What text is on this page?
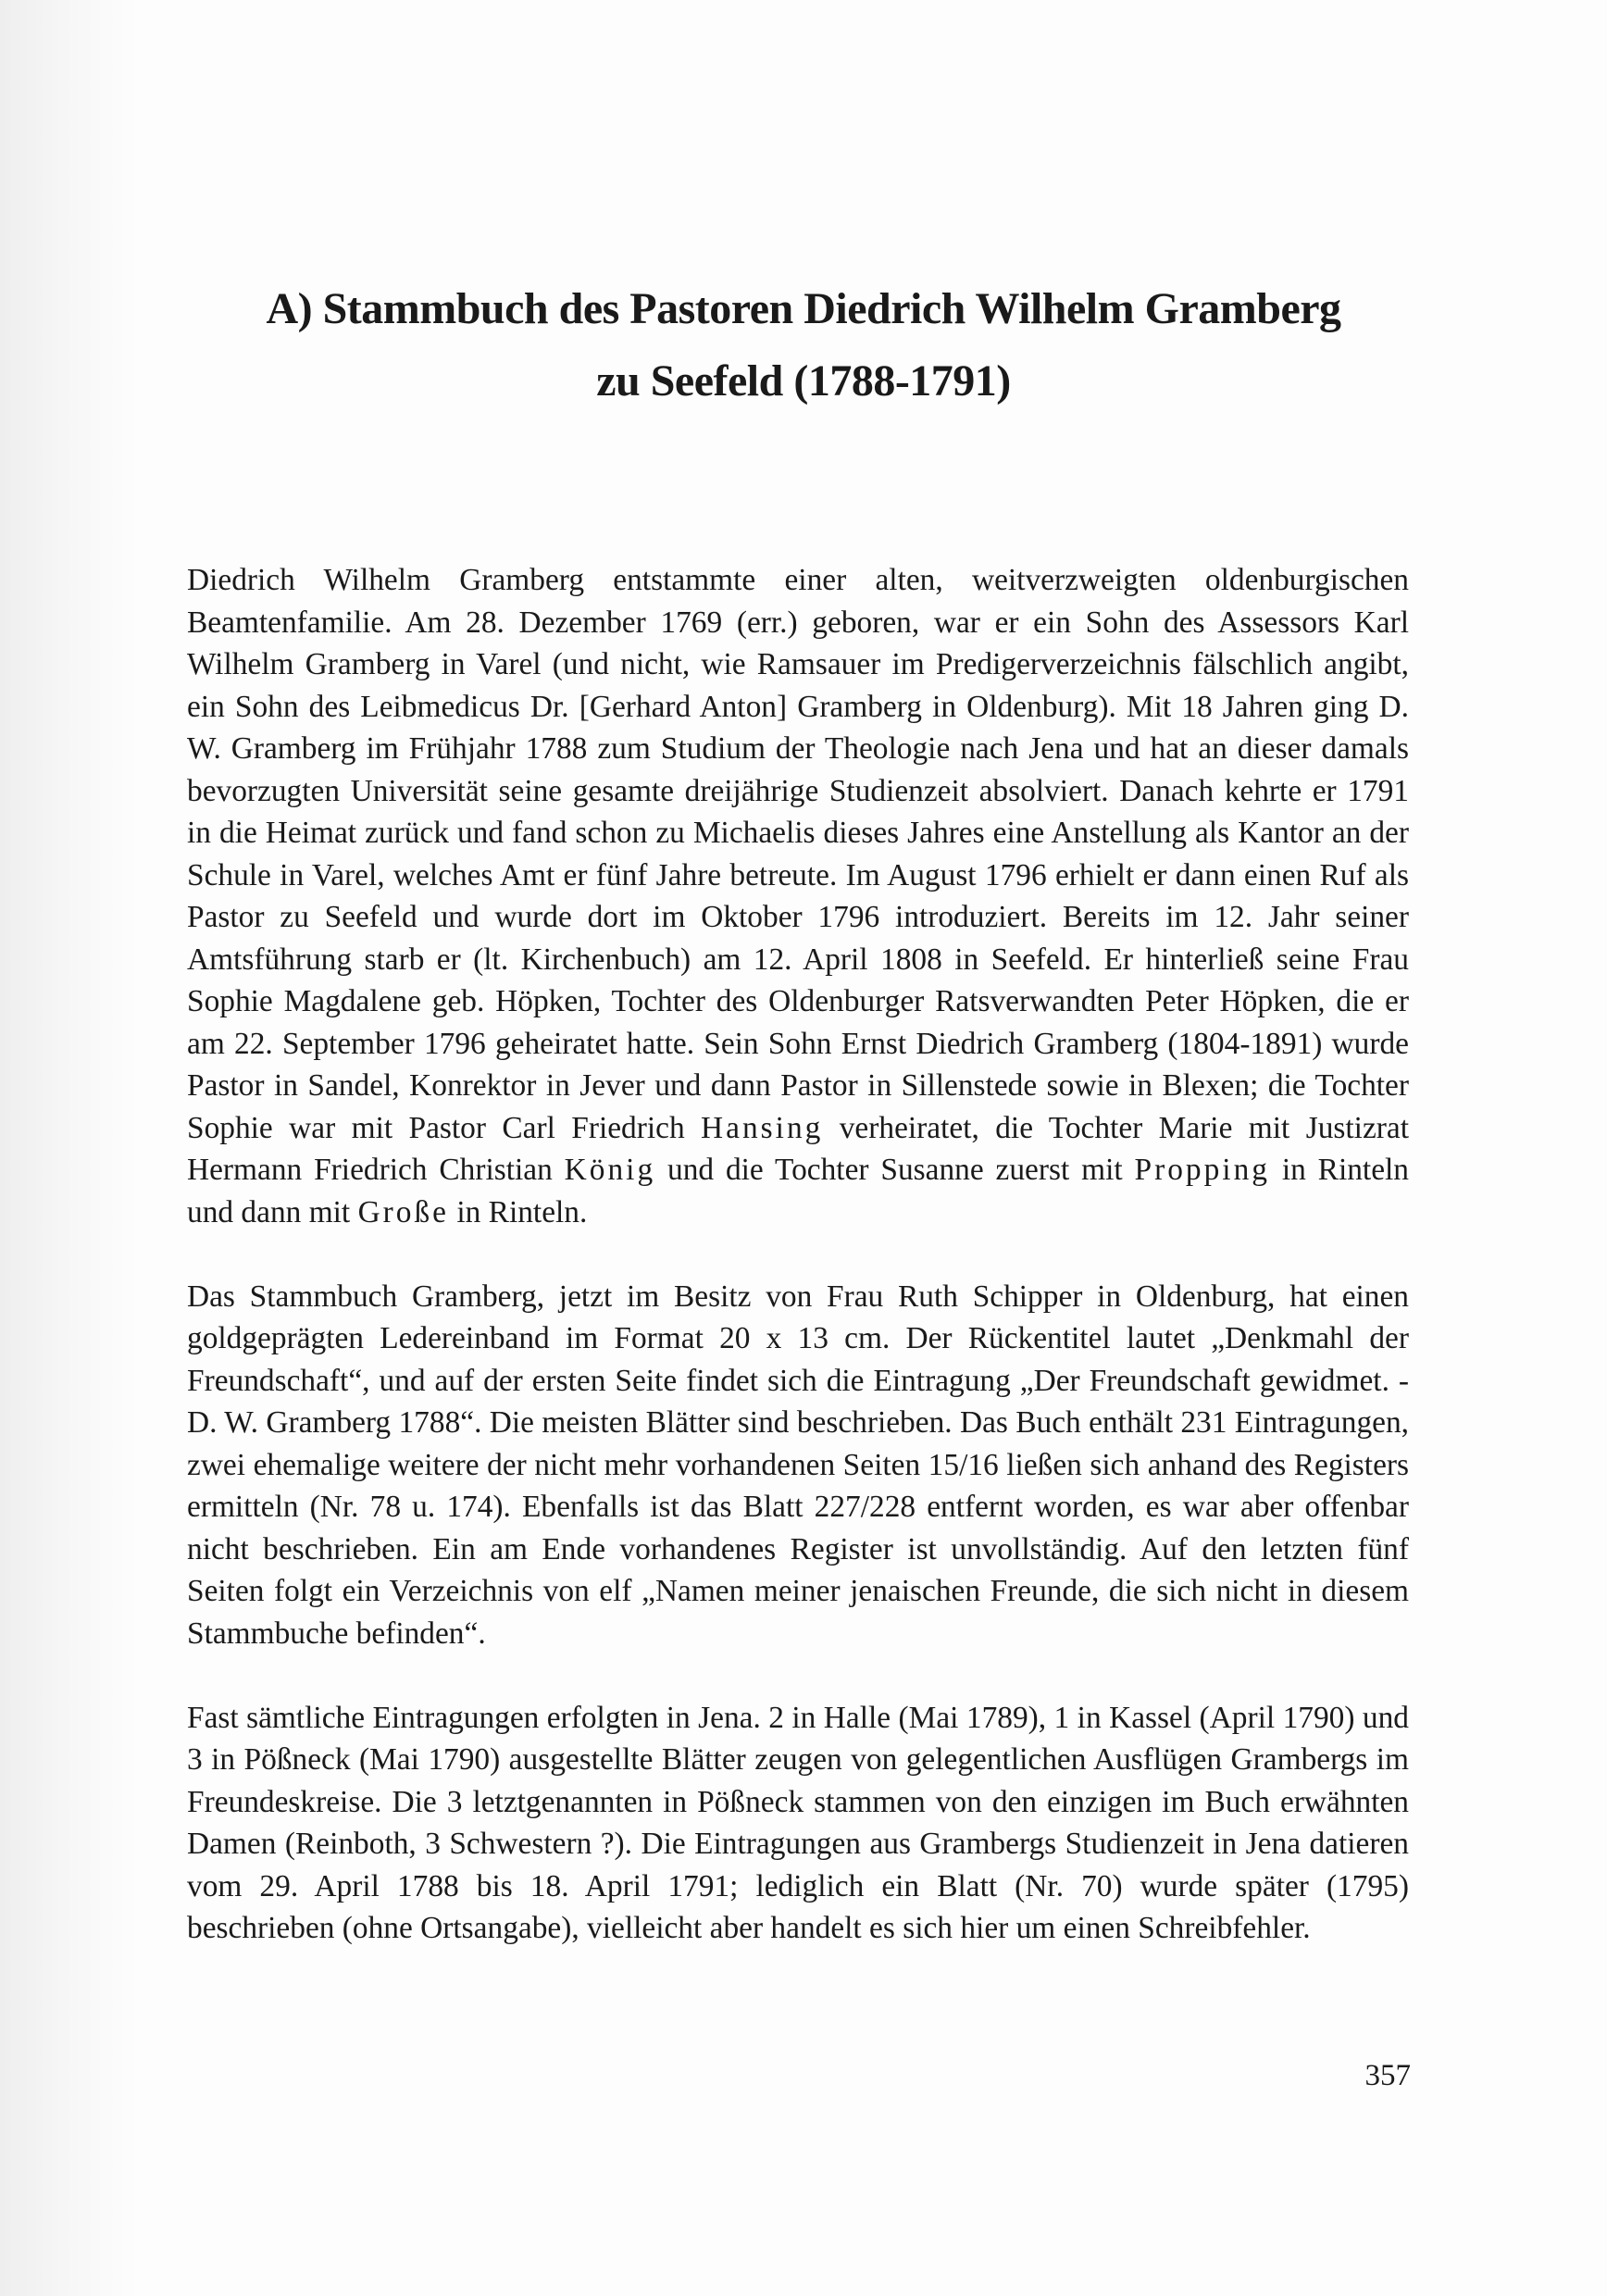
A) Stammbuch des Pastoren Diedrich Wilhelm Gramberg
zu Seefeld (1788-1791)

Diedrich Wilhelm Gramberg entstammte einer alten, weitverzweigten oldenburgischen Beamtenfamilie. Am 28. Dezember 1769 (err.) geboren, war er ein Sohn des Assessors Karl Wilhelm Gramberg in Varel (und nicht, wie Ramsauer im Predigerverzeichnis fälschlich angibt, ein Sohn des Leibmedicus Dr. [Gerhard Anton] Gramberg in Oldenburg). Mit 18 Jahren ging D. W. Gramberg im Frühjahr 1788 zum Studium der Theologie nach Jena und hat an dieser damals bevorzugten Universität seine gesamte dreijährige Studienzeit absolviert. Danach kehrte er 1791 in die Heimat zurück und fand schon zu Michaelis dieses Jahres eine Anstellung als Kantor an der Schule in Varel, welches Amt er fünf Jahre betreute. Im August 1796 erhielt er dann einen Ruf als Pastor zu Seefeld und wurde dort im Oktober 1796 introduziert. Bereits im 12. Jahr seiner Amtsführung starb er (lt. Kirchenbuch) am 12. April 1808 in Seefeld. Er hinterließ seine Frau Sophie Magdalene geb. Höpken, Tochter des Oldenburger Ratsverwandten Peter Höpken, die er am 22. September 1796 geheiratet hatte. Sein Sohn Ernst Diedrich Gramberg (1804-1891) wurde Pastor in Sandel, Konrektor in Jever und dann Pastor in Sillenstede sowie in Blexen; die Tochter Sophie war mit Pastor Carl Friedrich Hansing verheiratet, die Tochter Marie mit Justizrat Hermann Friedrich Christian König und die Tochter Susanne zuerst mit Propping in Rinteln und dann mit Große in Rinteln.

Das Stammbuch Gramberg, jetzt im Besitz von Frau Ruth Schipper in Oldenburg, hat einen goldgeprägten Ledereinband im Format 20 x 13 cm. Der Rückentitel lautet „Denkmahl der Freundschaft“, und auf der ersten Seite findet sich die Eintragung „Der Freundschaft gewidmet. - D. W. Gramberg 1788“. Die meisten Blätter sind beschrieben. Das Buch enthält 231 Eintragungen, zwei ehemalige weitere der nicht mehr vorhandenen Seiten 15/16 ließen sich anhand des Registers ermitteln (Nr. 78 u. 174). Ebenfalls ist das Blatt 227/228 entfernt worden, es war aber offenbar nicht beschrieben. Ein am Ende vorhandenes Register ist unvollständig. Auf den letzten fünf Seiten folgt ein Verzeichnis von elf „Namen meiner jenaischen Freunde, die sich nicht in diesem Stammbuche befinden“.

Fast sämtliche Eintragungen erfolgten in Jena. 2 in Halle (Mai 1789), 1 in Kassel (April 1790) und 3 in Pößneck (Mai 1790) ausgestellte Blätter zeugen von gelegentlichen Ausflügen Grambergs im Freundeskreise. Die 3 letztgenannten in Pößneck stammen von den einzigen im Buch erwähnten Damen (Reinboth, 3 Schwestern ?). Die Eintragungen aus Grambergs Studienzeit in Jena datieren vom 29. April 1788 bis 18. April 1791; lediglich ein Blatt (Nr. 70) wurde später (1795) beschrieben (ohne Ortsangabe), vielleicht aber handelt es sich hier um einen Schreibfehler.

357
